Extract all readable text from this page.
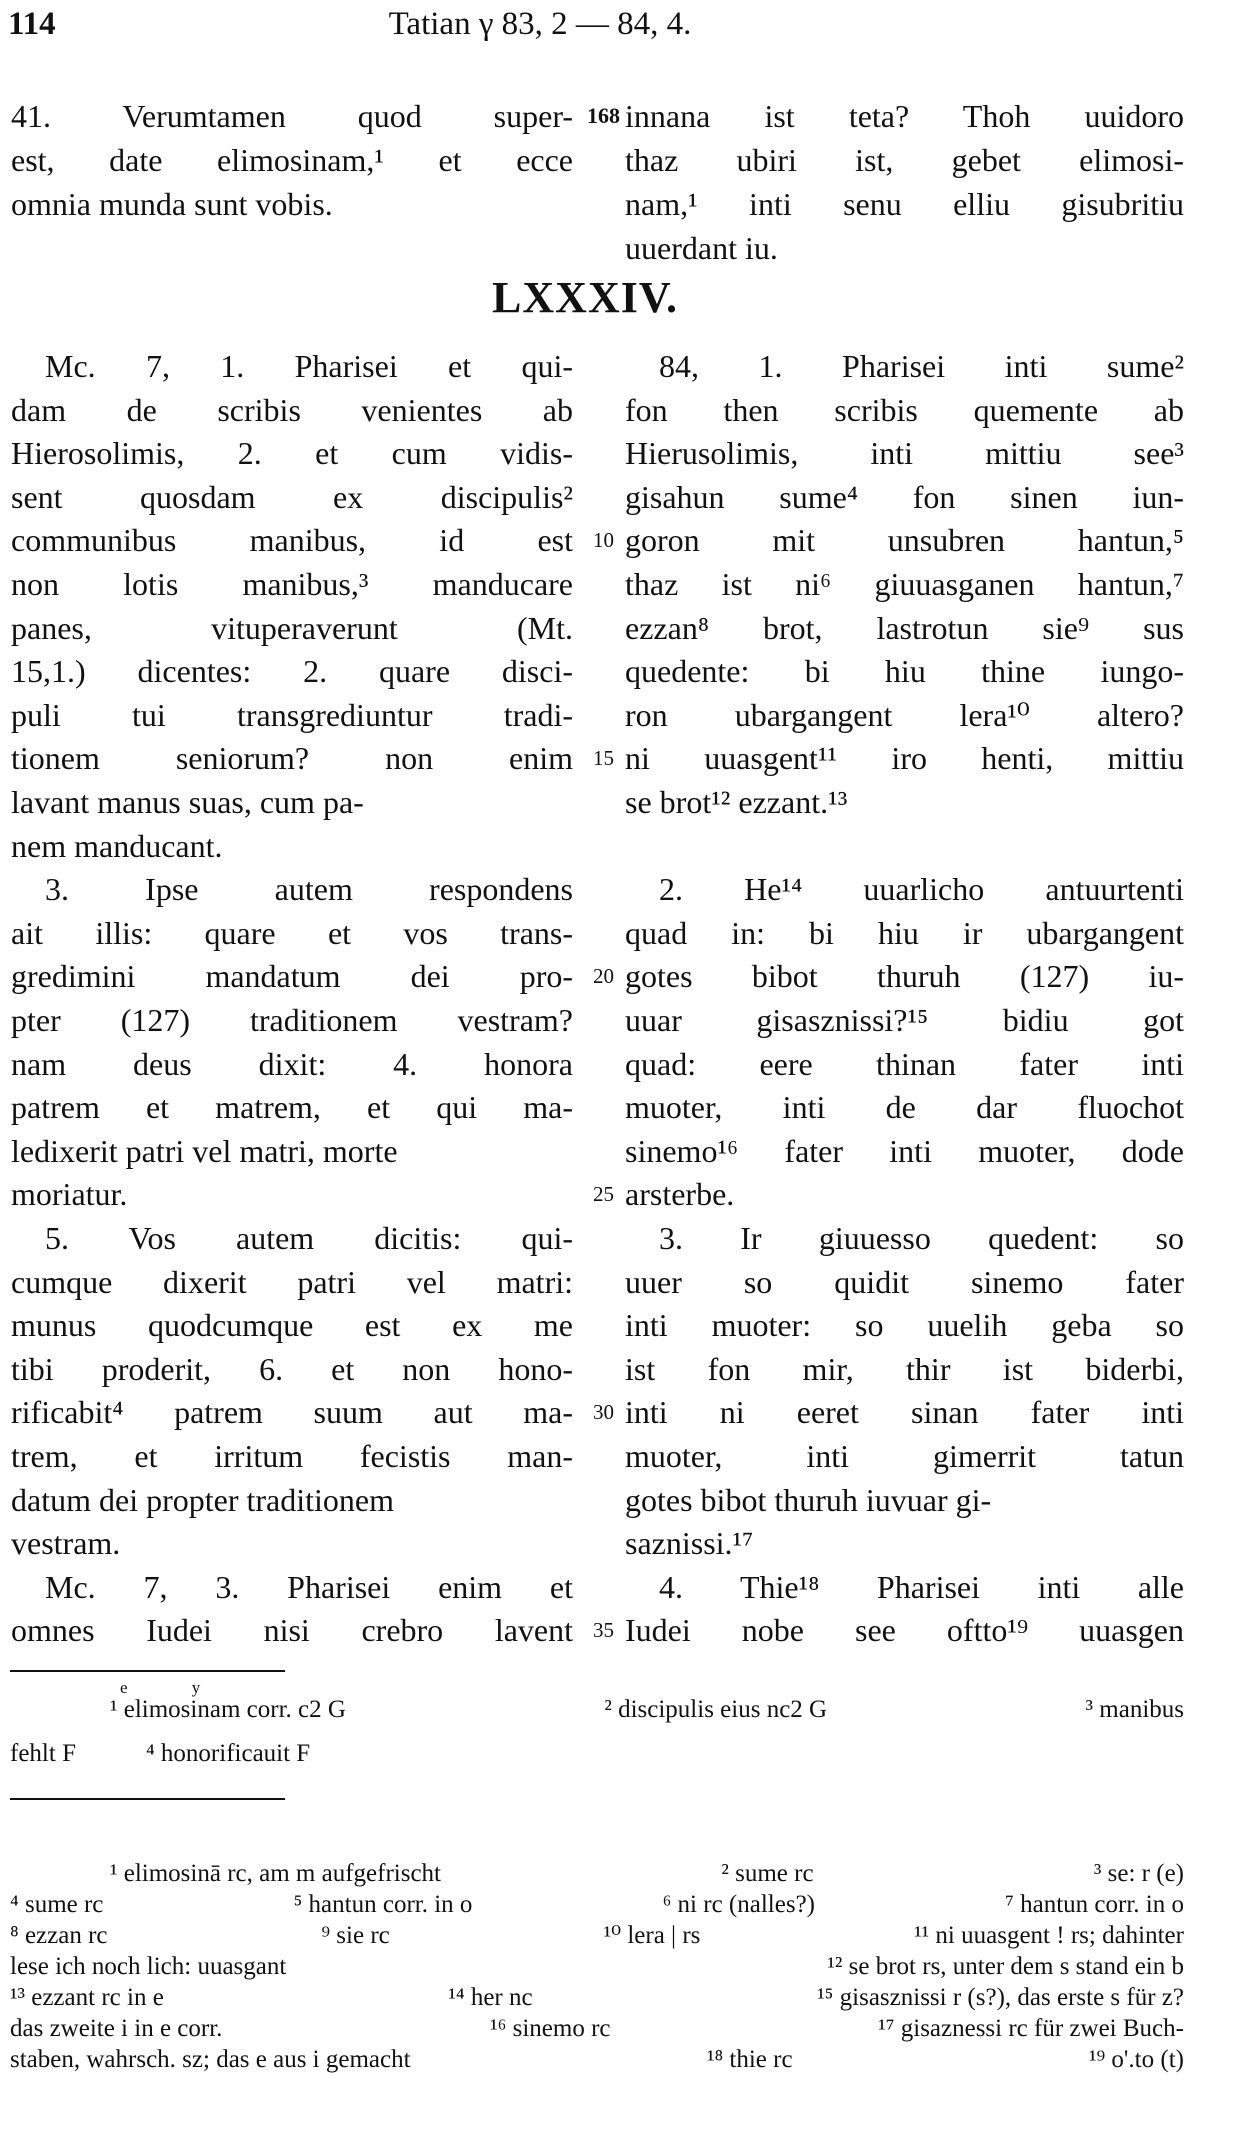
114	Tatian γ 83, 2 — 84, 4.
LXXXIV.
41. Verumtamen quod super- 168 innana ist teta? Thoh uuidoro
est, date elimosinam,¹ et ecce thaz ubiri ist, gebet elimosi-
omnia munda sunt vobis.	nam,¹ inti senu elliu gisubritiu
uuerdant iu.
Mc. 7, 1. Pharisei et qui-	84, 1. Pharisei inti sume²
dam de scribis venientes ab fon then scribis quemente ab
Hierosolimis, 2. et cum vidis- Hierusolimis, inti mittiu see³
sent quosdam ex discipulis² gisahun sume⁴ fon sinen iun-
communibus manibus, id est 10 goron mit unsubren hantun,⁵
non lotis manibus,³ manducare thaz ist ni⁶ giuuasganen hantun,⁷
panes, vituperaverunt (Mt. ezzan⁸ brot, lastrotun sie⁹ sus
15,1.) dicentes: 2. quare disci- quedente: bi hiu thine iungo-
puli tui transgrediuntur tradi- ron ubargangent lera¹⁰ altero?
tionem seniorum? non enim 15 ni uuasgent¹¹ iro henti, mittiu
lavant manus suas, cum pa-	se brot¹² ezzant.¹³
nem manducant.
3. Ipse autem respondens	2. He¹⁴ uuarlicho antuurtenti
ait illis: quare et vos trans- quad in: bi hiu ir ubargangent
gredimini mandatum dei pro- 20 gotes bibot thuruh (127) iu-
pter (127) traditionem vestram? uuar gisasznissi?¹⁵ bidiu got
nam deus dixit: 4. honora quad: eere thinan fater inti
patrem et matrem, et qui ma- muoter, inti de dar fluochot
ledixerit patri vel matri, morte	sinemo¹⁶ fater inti muoter, dode
moriatur.	25 arsterbe.
5. Vos autem dicitis: qui-	3. Ir giuuesso quedent: so
cumque dixerit patri vel matri: uuer so quidit sinemo fater
munus quodcumque est ex me inti muoter: so uuelih geba so
tibi proderit, 6. et non hono- ist fon mir, thir ist biderbi,
rificabit⁴ patrem suum aut ma- 30 inti ni eeret sinan fater inti
trem, et irritum fecistis man- muoter, inti gimerrit tatun
datum dei propter traditionem	gotes bibot thuruh iuvuar gi-
vestram.	saznissi.¹⁷
Mc. 7, 3. Pharisei enim et	4. Thie¹⁸ Pharisei inti alle
omnes Iudei nisi crebro lavent 35 Iudei nobe see oftto¹⁹ uuasgen
e y
¹ elimosinam corr. c2 G	² discipulis eius nc2 G	³ manibus
fehlt F	⁴ honorificauit F
¹ elimosinā rc, am m aufgefrischt	² sume rc	³ se: r (e)
⁴ sume rc	⁵ hantun corr. in o	⁶ ni rc (nalles?)	⁷ hantun corr. in o
⁸ ezzan rc	⁹ sie rc	¹⁰ lera | rs	¹¹ ni uuasgent ! rs; dahinter
lese ich noch lich: uuasgant	¹² se brot rs, unter dem s stand ein b
¹³ ezzant rc in e	¹⁴ her nc	¹⁵ gisasznissi r (s?), das erste s für z?
das zweite i in e corr.	¹⁶ sinemo rc	¹⁷ gisaznessi rc für zwei Buch-
staben, wahrsch. sz; das e aus i gemacht	¹⁸ thie rc	¹⁹ o'.to (t)
